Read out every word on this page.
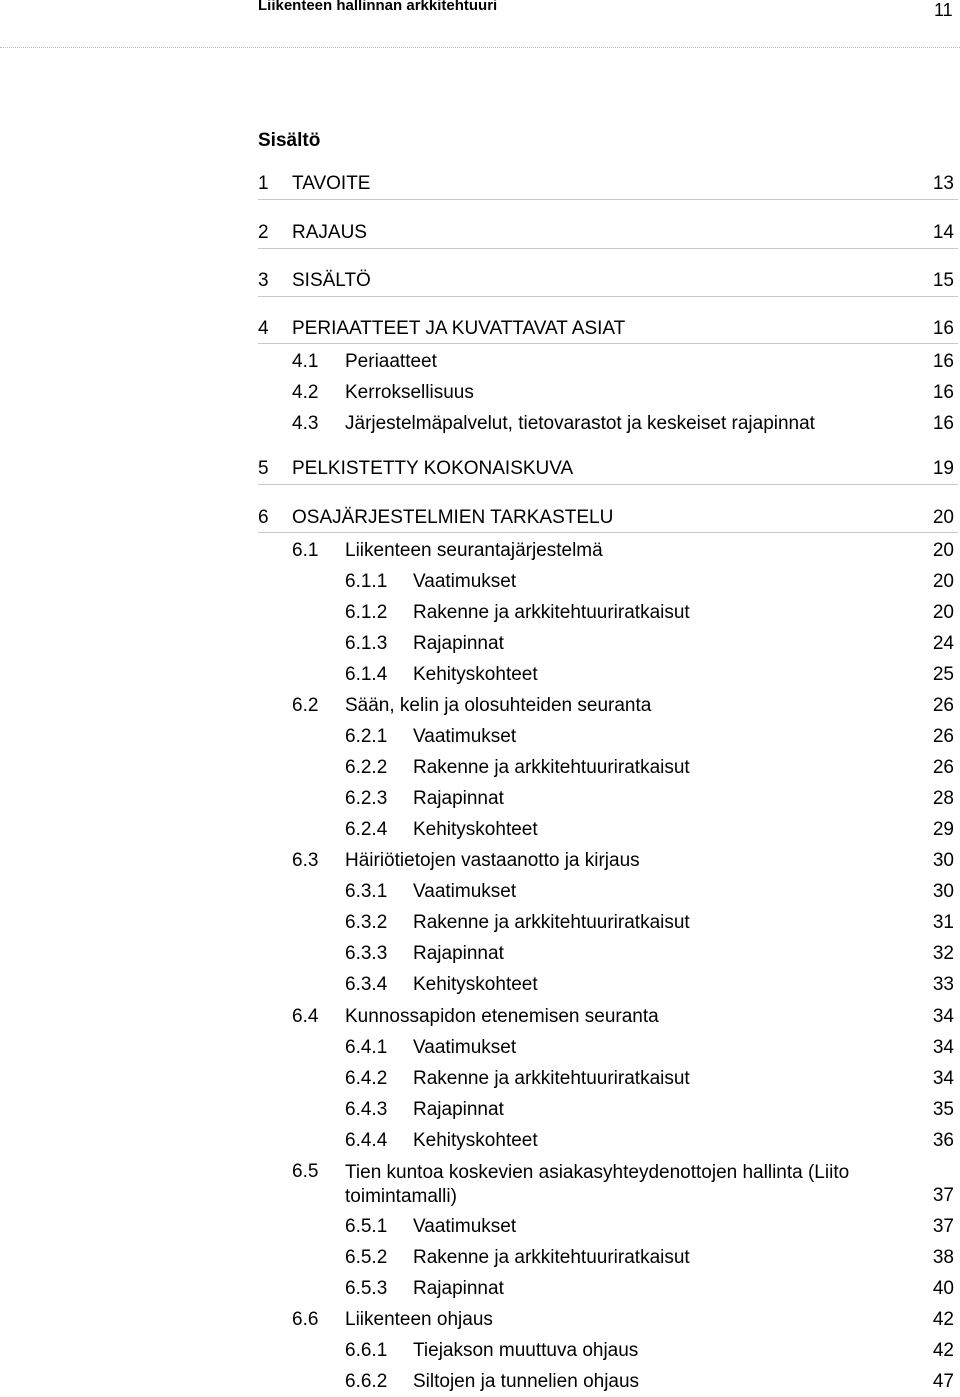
Liikenteen hallinnan arkkitehtuuri	11
Sisältö
1 TAVOITE	13
2 RAJAUS	14
3 SISÄLTÖ	15
4 PERIAATTEET JA KUVATTAVAT ASIAT	16
4.1 Periaatteet	16
4.2 Kerroksellisuus	16
4.3 Järjestelmäpalvelut, tietovarastot ja keskeiset rajapinnat	16
5 PELKISTETTY KOKONAISKUVA	19
6 OSAJÄRJESTELMIEN TARKASTELU	20
6.1 Liikenteen seurantajärjestelmä	20
6.1.1 Vaatimukset	20
6.1.2 Rakenne ja arkkitehtuuriratkaisut	20
6.1.3 Rajapinnat	24
6.1.4 Kehityskohteet	25
6.2 Sään, kelin ja olosuhteiden seuranta	26
6.2.1 Vaatimukset	26
6.2.2 Rakenne ja arkkitehtuuriratkaisut	26
6.2.3 Rajapinnat	28
6.2.4 Kehityskohteet	29
6.3 Häiriötietojen vastaanotto ja kirjaus	30
6.3.1 Vaatimukset	30
6.3.2 Rakenne ja arkkitehtuuriratkaisut	31
6.3.3 Rajapinnat	32
6.3.4 Kehityskohteet	33
6.4 Kunnossapidon etenemisen seuranta	34
6.4.1 Vaatimukset	34
6.4.2 Rakenne ja arkkitehtuuriratkaisut	34
6.4.3 Rajapinnat	35
6.4.4 Kehityskohteet	36
6.5 Tien kuntoa koskevien asiakasyhteydenottojen hallinta (Liito toimintamalli)	37
6.5.1 Vaatimukset	37
6.5.2 Rakenne ja arkkitehtuuriratkaisut	38
6.5.3 Rajapinnat	40
6.6 Liikenteen ohjaus	42
6.6.1 Tiejakson muuttuva ohjaus	42
6.6.2 Siltojen ja tunnelien ohjaus	47
